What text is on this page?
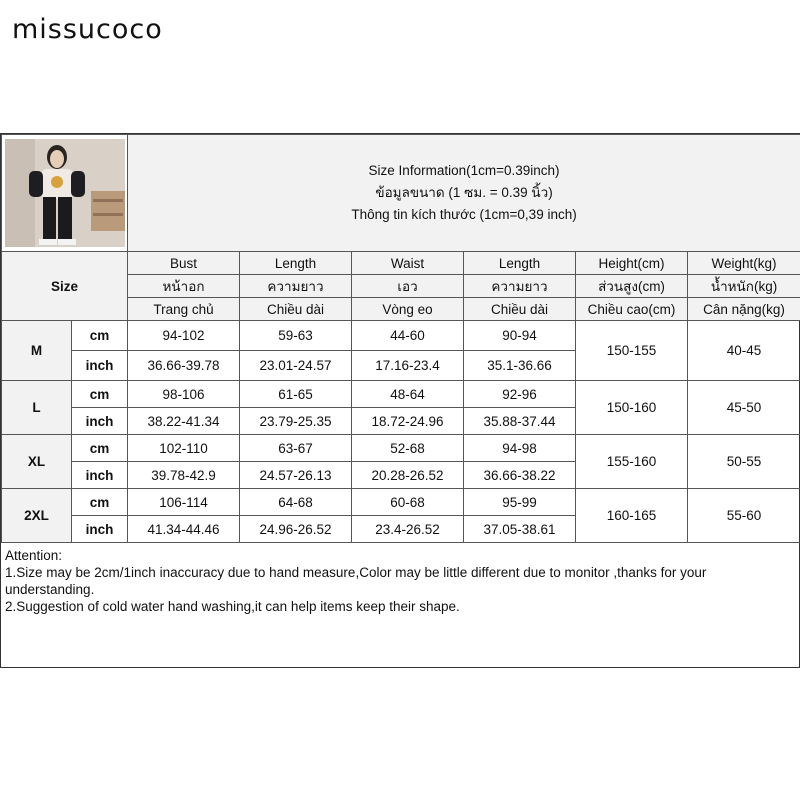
missucoco

Size Information(1cm=0.39inch)
ข้อมูลขนาด (1 ซม. = 0.39 นิ้ว)
Thông tin kích thước (1cm=0,39 inch)					

Size		Bust	Length	Waist	Length	Height(cm)	Weight(kg)
		หน้าอก	ความยาว	เอว	ความยาว	ส่วนสูง(cm)	น้ำหนัก(kg)
		Trang chủ	Chiều dài	Vòng eo	Chiều dài	Chiều cao(cm)	Cân nặng(kg)
M	cm	94-102	59-63	44-60	90-94	150-155	40-45
	inch	36.66-39.78	23.01-24.57	17.16-23.4	35.1-36.66		
L	cm	98-106	61-65	48-64	92-96	150-160	45-50
	inch	38.22-41.34	23.79-25.35	18.72-24.96	35.88-37.44		
XL	cm	102-110	63-67	52-68	94-98	155-160	50-55
	inch	39.78-42.9	24.57-26.13	20.28-26.52	36.66-38.22		
2XL	cm	106-114	64-68	60-68	95-99	160-165	55-60
	inch	41.34-44.46	24.96-26.52	23.4-26.52	37.05-38.61		
Attention:
1.Size may be 2cm/1inch inaccuracy due to hand measure,Color may be little different due to monitor ,thanks for your understanding.
2.Suggestion of cold water hand washing,it can help items keep their shape.
